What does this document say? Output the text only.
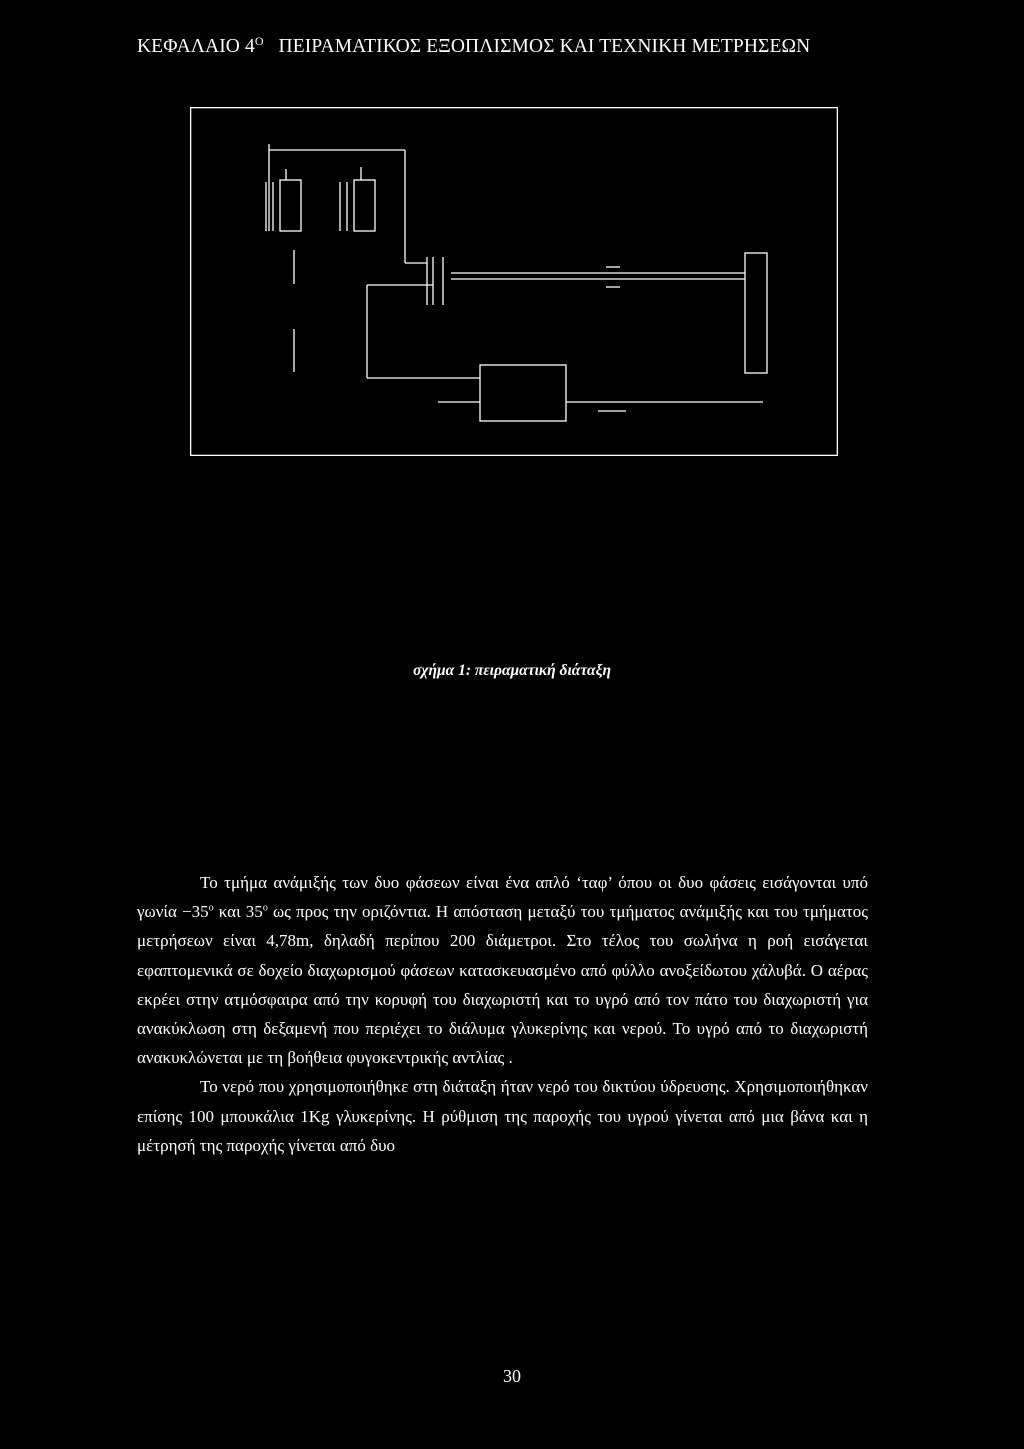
ΚΕΦΑΛΑΙΟ $4^O$ ΠΕΙΡΑΜΑΤΙΚΟΣ ΕΞΟΠΛΙΣΜΟΣ ΚΑΙ ΤΕΧΝΙΚΗ ΜΕΤΡΗΣΕΩΝ
σχήμα 1: πειραματική διάταξη

Το τμήμα ανάμιξής των δυο φάσεων είναι ένα απλό ‘ταφ’ όπου οι δυο φάσεις εισάγονται υπό $\gamma\omega\nu ί\alpha -35^o$ και 35$^o$ ως προς την οριζόντια. Η απόσταση μεταξύ του τμήματος ανάμιξής και του τμήματος μετρήσεων είναι 4,78m, δηλαδή περίπου 200 διάμετροι. Στο τέλος του σωλήνα η ροή εισάγεται εφαπτομενικά σε δοχείο διαχωρισμού φάσεων κατασκευασμένο από φύλλο ανοξείδωτου χάλυβά. Ο αέρας εκρέει στην ατμόσφαιρα από την κορυφή του διαχωριστή και το υγρό από τον πάτο του διαχωριστή για ανακύκλωση στη δεξαμενή που περιέχει το διάλυμα γλυκερίνης και νερού. Το υγρό από το διαχωριστή ανακυκλώνεται με τη βοήθεια φυγοκεντρικής αντλίας .

Το νερό που χρησιμοποιήθηκε στη διάταξη ήταν νερό του δικτύου ύδρευσης. Χρησιμοποιήθηκαν επίσης 100 μπουκάλια 1Kg γλυκερίνης. Η ρύθμιση της παροχής του υγρού γίνεται από μια βάνα και η μέτρησή της παροχής γίνεται από δυο

30
